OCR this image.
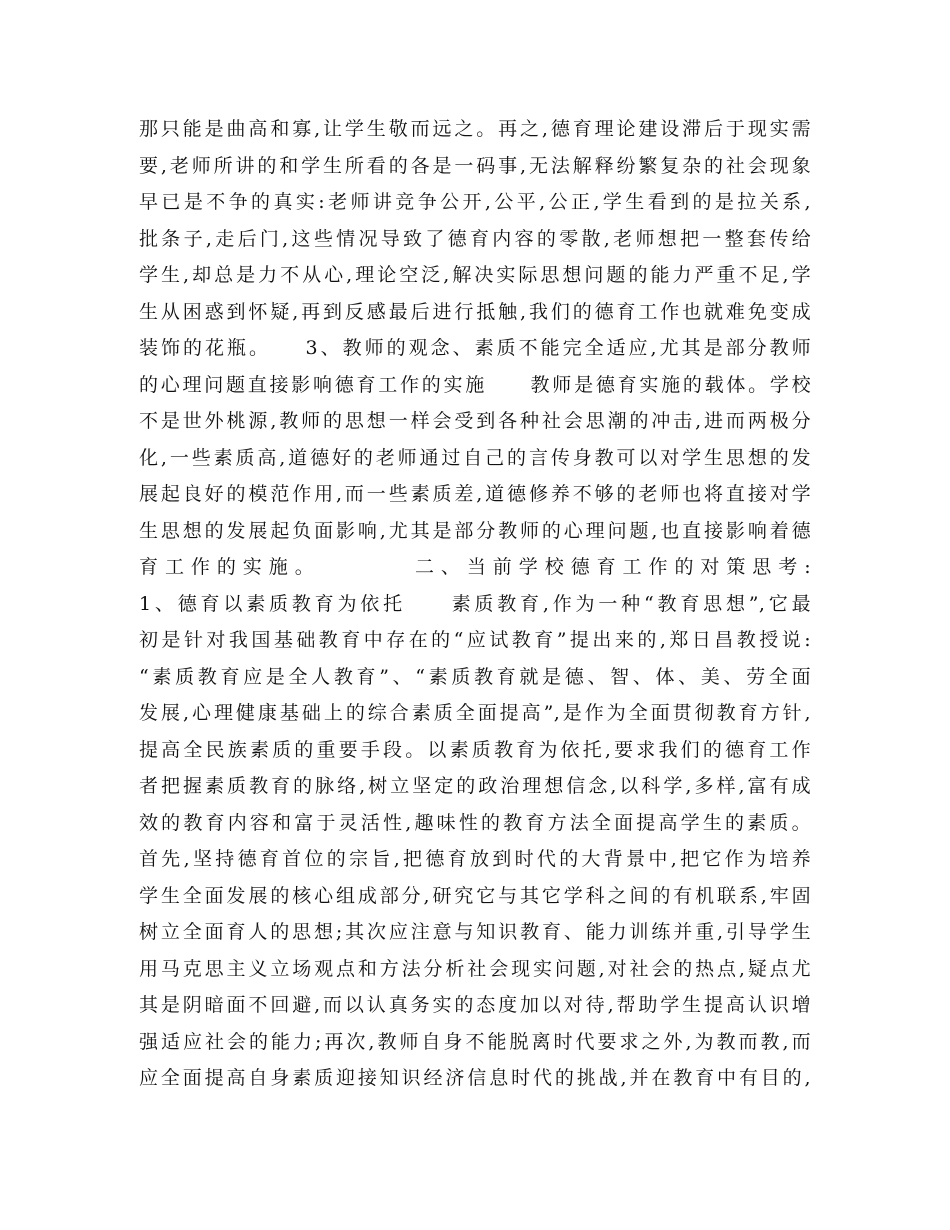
那只能是曲高和寡,让学生敬而远之。再之,德育理论建设滞后于现实需
要,老师所讲的和学生所看的各是一码事,无法解释纷繁复杂的社会现象
早已是不争的真实:老师讲竞争公开,公平,公正,学生看到的是拉关系,
批条子,走后门,这些情况导致了德育内容的零散,老师想把一整套传给
学生,却总是力不从心,理论空泛,解决实际思想问题的能力严重不足,学
生从困惑到怀疑,再到反感最后进行抵触,我们的德育工作也就难免变成
装饰的花瓶。　　3、教师的观念、素质不能完全适应,尤其是部分教师
的心理问题直接影响德育工作的实施　　教师是德育实施的载体。学校
不是世外桃源,教师的思想一样会受到各种社会思潮的冲击,进而两极分
化,一些素质高,道德好的老师通过自己的言传身教可以对学生思想的发
展起良好的模范作用,而一些素质差,道德修养不够的老师也将直接对学
生思想的发展起负面影响,尤其是部分教师的心理问题,也直接影响着德
育工作的实施。　　　　二、当前学校德育工作的对策思考:
1、德育以素质教育为依托　　素质教育,作为一种“教育思想”,它最
初是针对我国基础教育中存在的“应试教育”提出来的,郑日昌教授说:
“素质教育应是全人教育”、“素质教育就是德、智、体、美、劳全面
发展,心理健康基础上的综合素质全面提高”,是作为全面贯彻教育方针,
提高全民族素质的重要手段。以素质教育为依托,要求我们的德育工作
者把握素质教育的脉络,树立坚定的政治理想信念,以科学,多样,富有成
效的教育内容和富于灵活性,趣味性的教育方法全面提高学生的素质。
首先,坚持德育首位的宗旨,把德育放到时代的大背景中,把它作为培养
学生全面发展的核心组成部分,研究它与其它学科之间的有机联系,牢固
树立全面育人的思想;其次应注意与知识教育、能力训练并重,引导学生
用马克思主义立场观点和方法分析社会现实问题,对社会的热点,疑点尤
其是阴暗面不回避,而以认真务实的态度加以对待,帮助学生提高认识增
强适应社会的能力;再次,教师自身不能脱离时代要求之外,为教而教,而
应全面提高自身素质迎接知识经济信息时代的挑战,并在教育中有目的,
